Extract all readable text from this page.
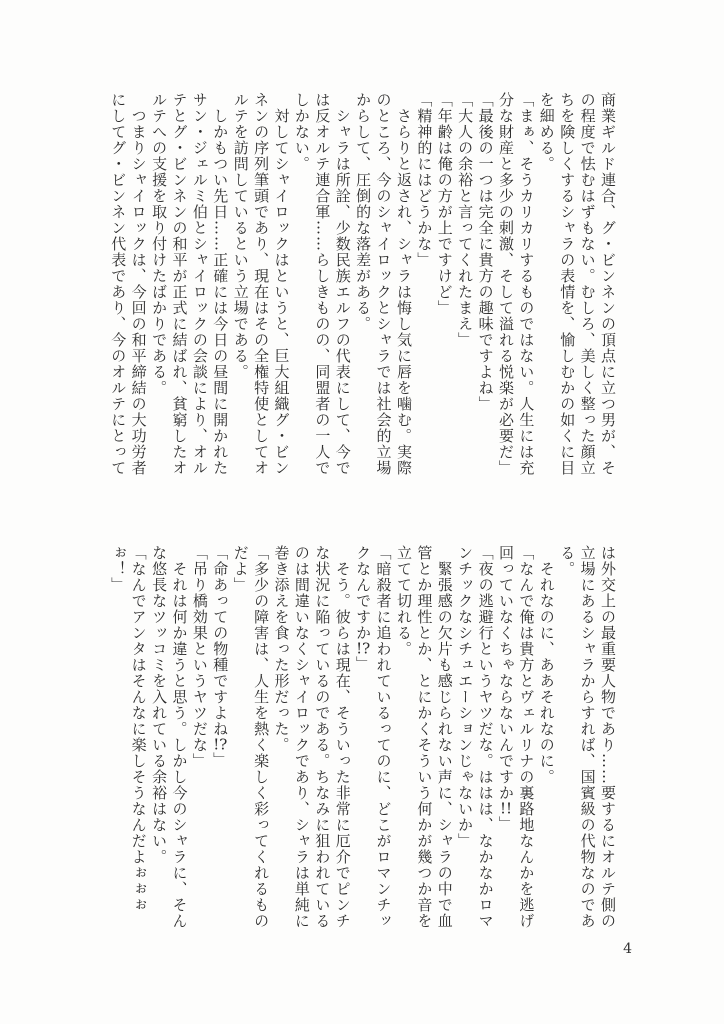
商業ギルド連合、グ・ビンネンの頂点に立つ男が、そ
の程度で怯むはずもない。むしろ、美しく整った顔立
ちを険しくするシャラの表情を、愉しむかの如くに目
を細める。
「まぁ、そうカリカリするものではない。人生には充
分な財産と多少の刺激、そして溢れる悦楽が必要だ」
「最後の一つは完全に貴方の趣味ですよね」
「大人の余裕と言ってくれたまえ」
「年齢は俺の方が上ですけど」
「精神的にはどうかな」
　さらりと返され、シャラは悔し気に唇を噛む。実際
のところ、今のシャイロックとシャラでは社会的立場
からして、圧倒的な落差がある。
　シャラは所詮、少数民族エルフの代表にして、今で
は反オルテ連合軍……らしきものの、同盟者の一人で
しかない。
　対してシャイロックはというと、巨大組織グ・ビン
ネンの序列筆頭であり、現在はその全権特使としてオ
ルテを訪問しているという立場である。
　しかもつい先日……正確には今日の昼間に開かれた
サン・ジェルミ伯とシャイロックの会談により、オル
テとグ・ビンネンの和平が正式に結ばれ、貧窮したオ
ルテへの支援を取り付けたばかりである。
　つまりシャイロックは、今回の和平締結の大功労者
にしてグ・ビンネン代表であり、今のオルテにとって
は外交上の最重要人物であり……要するにオルテ側の
立場にあるシャラからすれば、国賓級の代物なのであ
る。
　それなのに、ああそれなのに。
「なんで俺は貴方とヴェルリナの裏路地なんかを逃げ
回っていなくちゃならないんですか!!」
「夜の逃避行というヤツだな。ははは、なかなかロマ
ンチックなシチュエーションじゃないか」
　緊張感の欠片も感じられない声に、シャラの中で血
管とか理性とか、とにかくそういう何かが幾つか音を
立てて切れる。
「暗殺者に追われているってのに、どこがロマンチッ
クなんですか!?」
　そう。彼らは現在、そういった非常に厄介でピンチ
な状況に陥っているのである。ちなみに狙われている
のは間違いなくシャイロックであり、シャラは単純に
巻き添えを食った形だった。
「多少の障害は、人生を熱く楽しく彩ってくれるもの
だよ」
「命あっての物種ですよね!?」
「吊り橋効果というヤツだな」
　それは何か違うと思う。しかし今のシャラに、そん
な悠長なツッコミを入れている余裕はない。
「なんでアンタはそんなに楽しそうなんだよぉぉぉ
ぉ！」
4
